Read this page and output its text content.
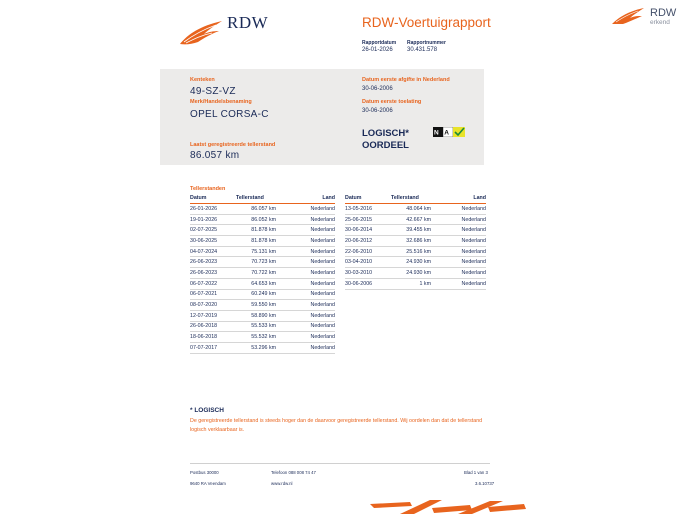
RDW	RDW-Voertuigrapport
Rapportdatum
26-01-2026
Rapportnummer
30.431.578
RDW
erkend
Kenteken
49-SZ-VZ
Merk/Handelsbenaming
OPEL CORSA-C
Laatst geregistreerde tellerstand
86.057 km
Datum eerste afgifte in Nederland
30-06-2006
Datum eerste toelating
30-06-2006
LOGISCH*
OORDEEL
N A
Tellerstanden
Datum	Tellerstand	Land
26-01-2026	86.057 km	Nederland
19-01-2026	86.052 km	Nederland
02-07-2025	81.878 km	Nederland
30-06-2025	81.878 km	Nederland
04-07-2024	75.131 km	Nederland
26-06-2023	70.723 km	Nederland
26-06-2023	70.722 km	Nederland
06-07-2022	64.653 km	Nederland
06-07-2021	60.249 km	Nederland
08-07-2020	59.550 km	Nederland
12-07-2019	58.890 km	Nederland
26-06-2018	55.533 km	Nederland
18-06-2018	55.532 km	Nederland
07-07-2017	53.296 km	Nederland
Datum	Tellerstand	Land
13-05-2016	48.064 km	Nederland
25-06-2015	42.667 km	Nederland
30-06-2014	39.455 km	Nederland
20-06-2012	32.686 km	Nederland
22-06-2010	25.516 km	Nederland
03-04-2010	24.930 km	Nederland
30-03-2010	24.930 km	Nederland
30-06-2006	1 km	Nederland
* LOGISCH
De geregistreerde tellerstand is steeds hoger dan de daarvoor geregistreerde tellerstand. Wij oordelen dan dat de tellerstand logisch verklaarbaar is.
Postbus 30000
9640 RA Veendam
Telefoon 088 008 74 47
www.rdw.nl
Blad 1 van 3
3.6.10737
